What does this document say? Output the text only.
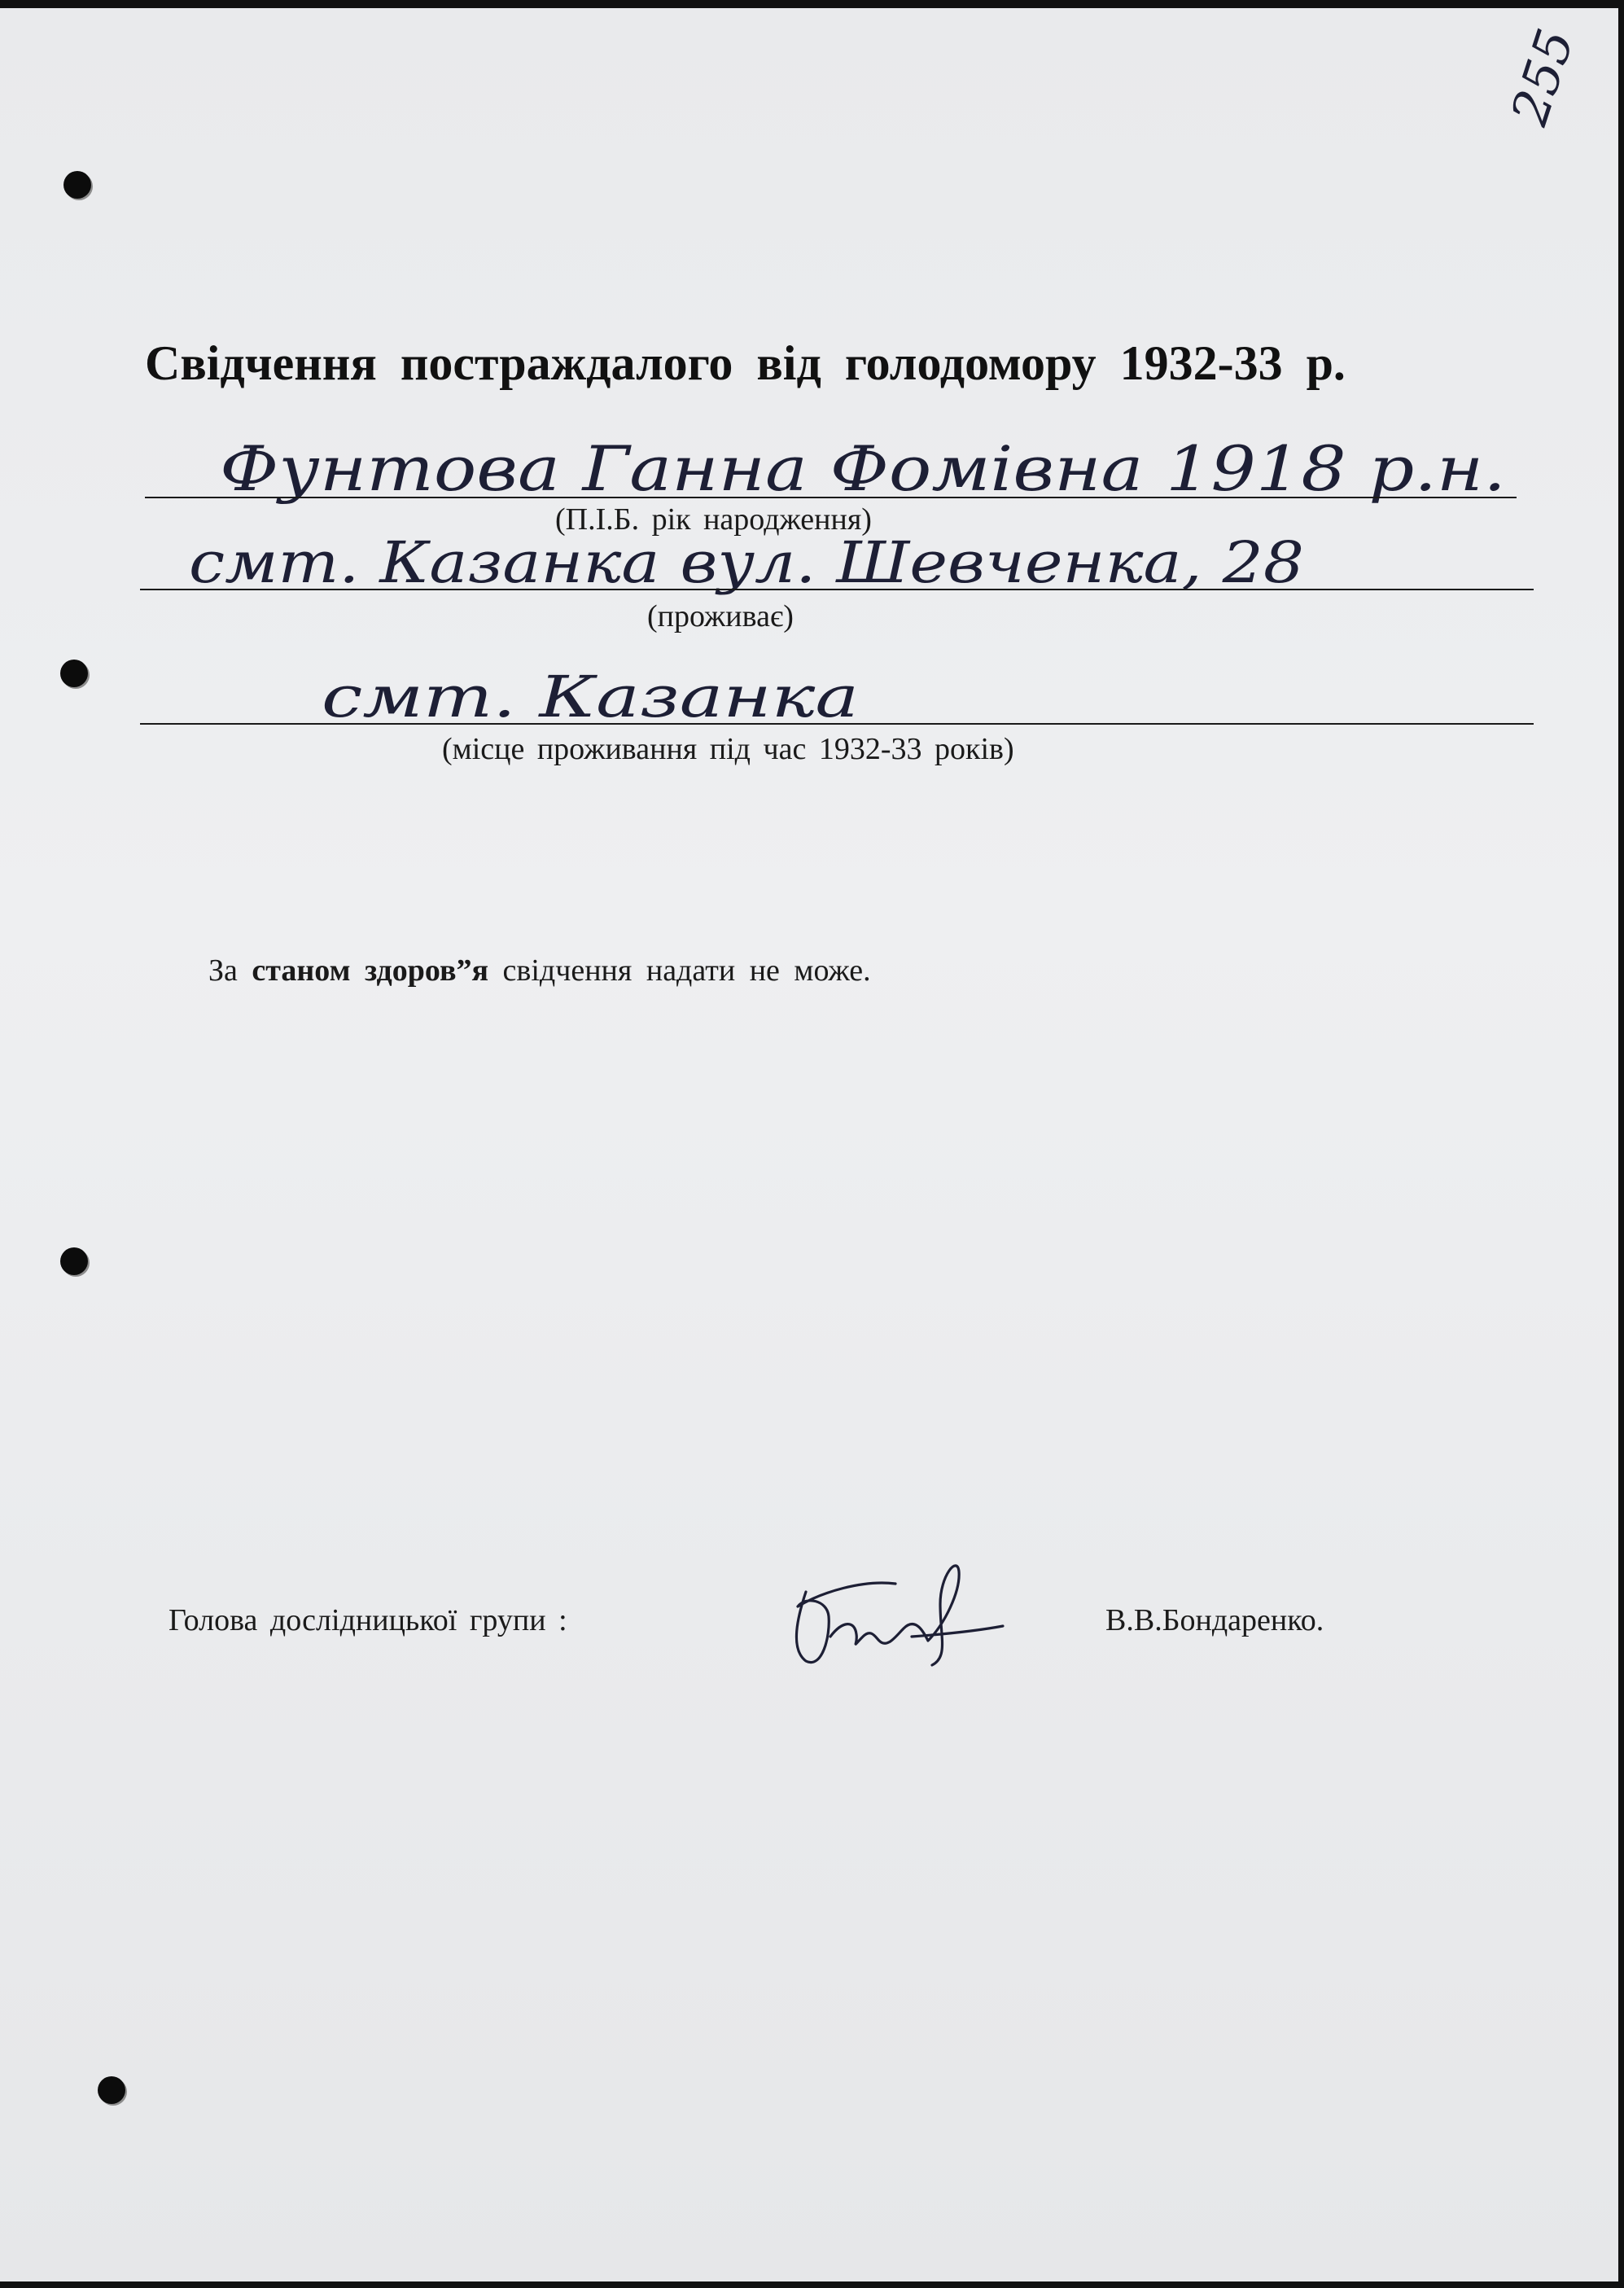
255
Свідчення постраждалого від голодомору 1932-33 р.
Фунтова Ганна Фомівна 1918 р.н.
смт. Казанка вул. Шевченка, 28
смт. Казанка
(П.І.Б. рік народження)
(проживає)
(місце проживання під час 1932-33 років)
За станом здоров”я свідчення надати не може.
Голова дослідницької групи :	В.В.Бондаренко.
